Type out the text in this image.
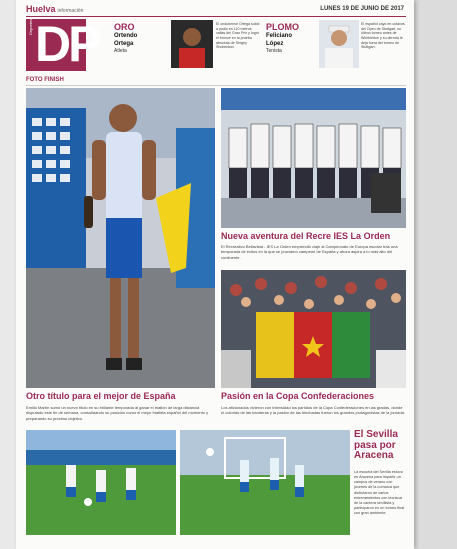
Huelva información	LUNES 19 DE JUNIO DE 2017
Deportes DP ORO
Ortendo
Ortega
Atleta
El ondubense Ortega subió a podio en 110 metros vallas del Gran Prix y logró el bronce en la prueba absoluta de Sergey Shubenkov.
PLOMO
Feliciano
López
Tenista
El español cayó en octavos del Open de Stuttgart, su último torneo antes de Wimbledon y su derrota le deja fuera del torneo de Stuttgart.
FOTO FINISH
Otro título para el mejor de España
Emilio Martín sumó un nuevo título en su brillante temporada al ganar el triatlón de larga distancia disputado este fin de semana, consolidando su posición como el mejor triatleta español del momento y preparando su próximo objetivo.
Nueva aventura del Recre IES La Orden
El Recreativo Bellavista - IES La Orden emprendió viaje al Campeonato de Europa escolar tras una temporada de éxitos en la que se proclamó campeón de España y ahora aspira a lo más alto del continente.
Pasión en la Copa Confederaciones
Los aficionados vivieron con intensidad los partidos de la Copa Confederaciones en las gradas, donde el colorido de las banderas y la pasión de las hinchadas fueron los grandes protagonistas de la jornada.
El Sevilla pasa por Aracena
La escuela del Sevilla estuvo en Aracena para impartir un campus de verano con jóvenes de la comarca que disfrutaron de varios entrenamientos con técnicos de la cantera sevillista y participaron en un torneo final con gran ambiente.
